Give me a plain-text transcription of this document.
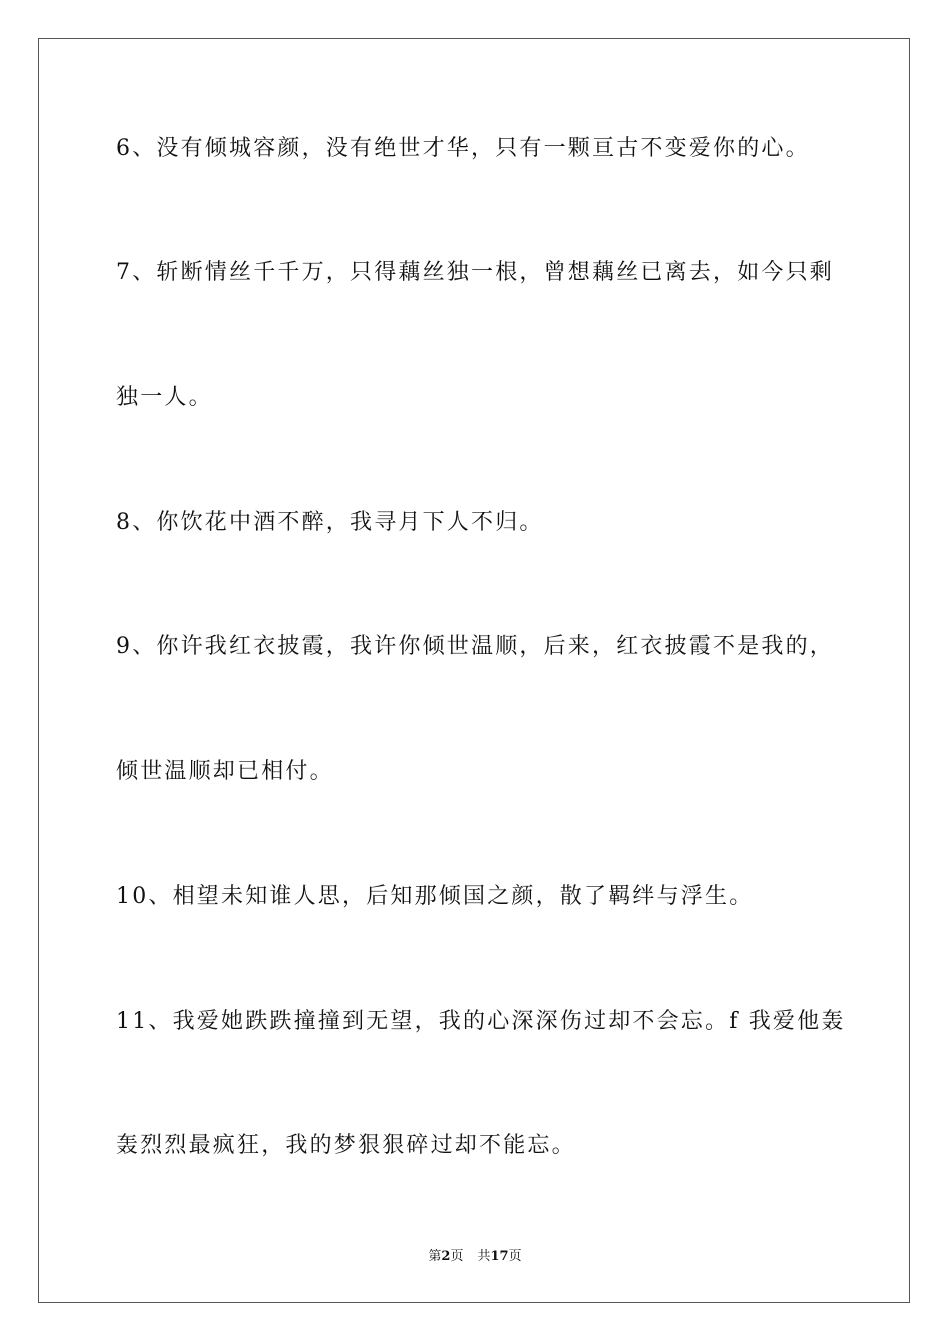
6、没有倾城容颜，没有绝世才华，只有一颗亘古不变爱你的心。
7、斩断情丝千千万，只得藕丝独一根，曾想藕丝已离去，如今只剩
独一人。
8、你饮花中酒不醉，我寻月下人不归。
9、你许我红衣披霞，我许你倾世温顺，后来，红衣披霞不是我的，
倾世温顺却已相付。
10、相望未知谁人思，后知那倾国之颜，散了羁绊与浮生。
11、我爱她跌跌撞撞到无望，我的心深深伤过却不会忘。f 我爱他轰
轰烈烈最疯狂，我的梦狠狠碎过却不能忘。
第2页 共17页
